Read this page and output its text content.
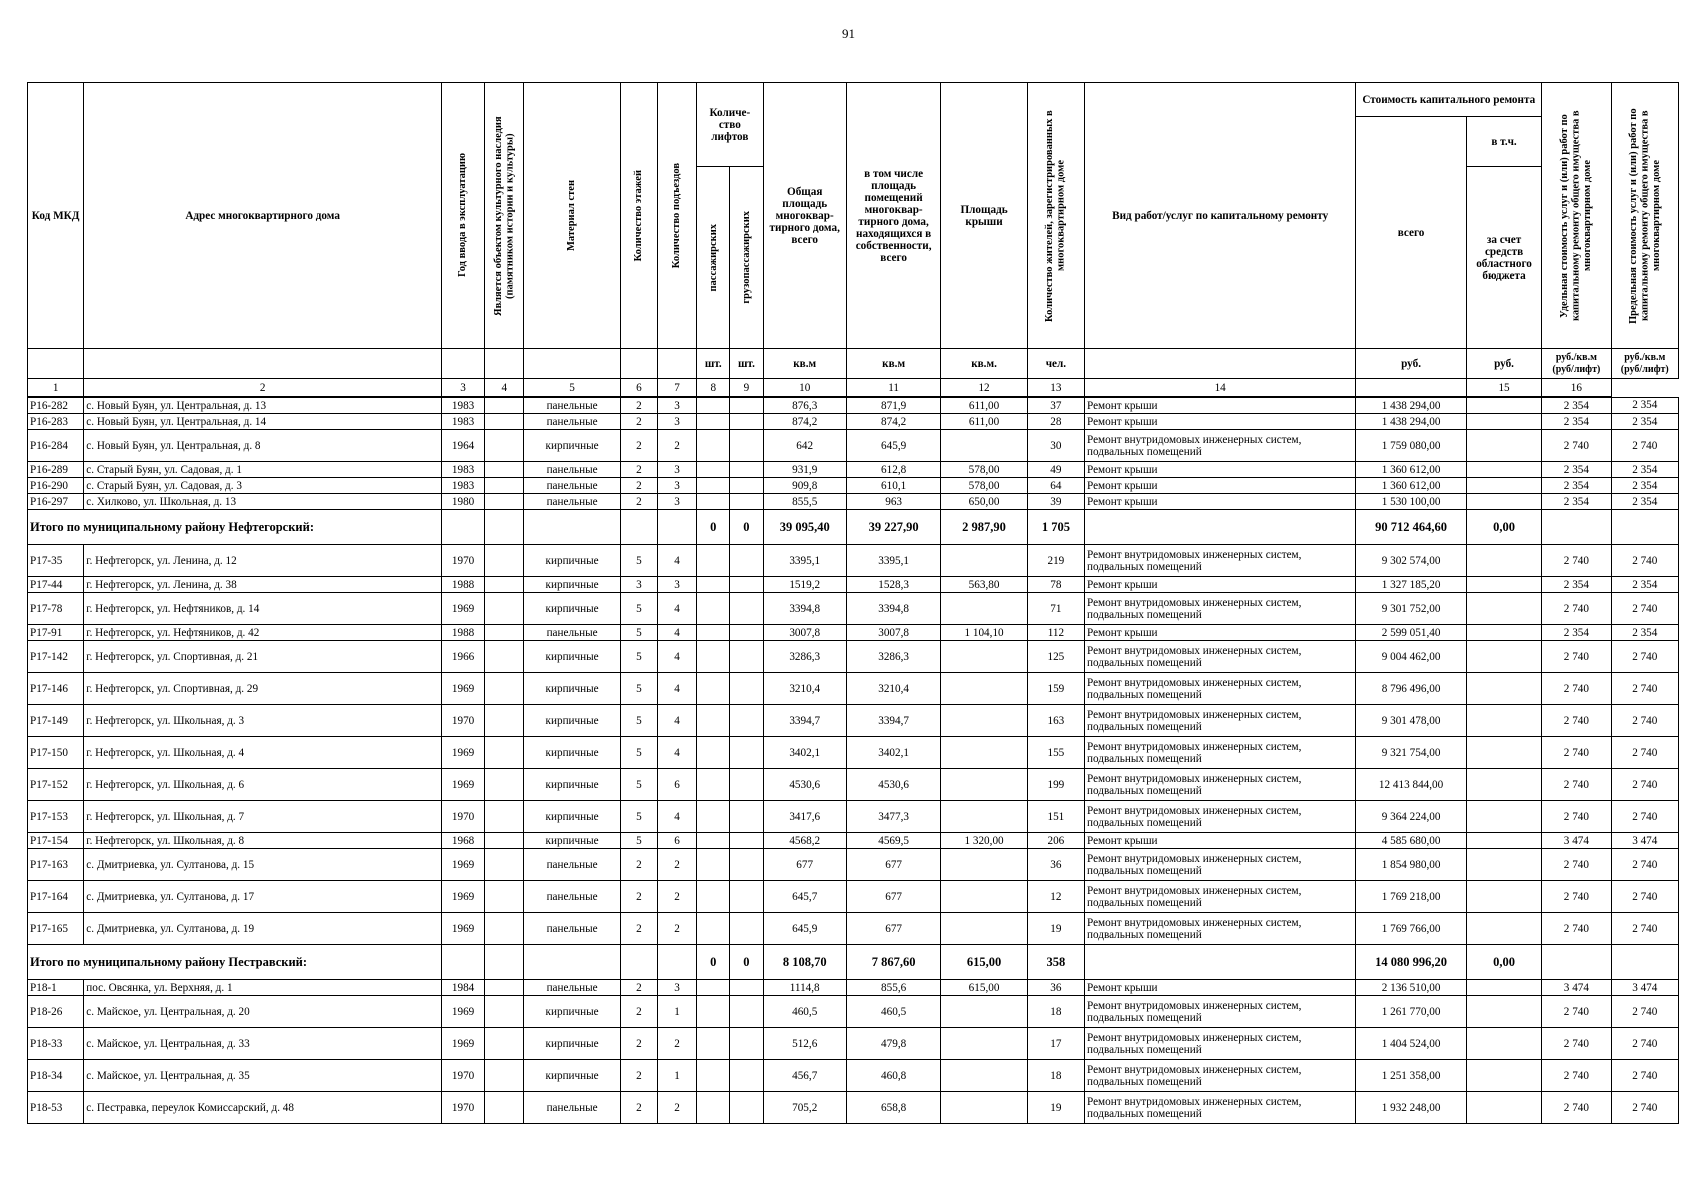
91
Код МКД	Адрес многоквартирного дома	Год ввода в эксплуатацию	Является объектом культурного наследия (памятником истории и культуры)	Материал стен	Количество этажей	Количество подъездов	Количе-ство лифтов		Общая площадь многоквар-тирного дома, всего	в том числе площадь помещений многоквар-тирного дома, находящихся в собственности, всего	Площадь крыши	Количество жителей, зарегистрированных в многоквартирном доме	Вид работ/услуг по капитальному ремонту	Стоимость капитального ремонта		Удельная стоимость услуг и (или) работ по капитальному ремонту общего имущества в многоквартирном доме	Предельная стоимость услуг и (или) работ по капитальному ремонту общего имущества в многоквартирном доме

														всего	в т.ч.		

							пассажирских	грузопассажирских							за счет средств областного бюджета		
							шт.	шт.	кв.м	кв.м	кв.м.	чел.		руб.	руб.	руб./кв.м (руб/лифт)	руб./кв.м (руб/лифт)
1	2	3	4	5	6	7	8	9	10	11	12	13	14		15	16	
Р16-282	с. Новый Буян, ул. Центральная, д. 13	1983		панельные	2	3			876,3	871,9	611,00	37	Ремонт крыши	1 438 294,00		2 354	2 354
Р16-283	с. Новый Буян, ул. Центральная, д. 14	1983		панельные	2	3			874,2	874,2	611,00	28	Ремонт крыши	1 438 294,00		2 354	2 354
Р16-284	с. Новый Буян, ул. Центральная, д. 8	1964		кирпичные	2	2			642	645,9		30	Ремонт внутридомовых инженерных систем, подвальных помещений	1 759 080,00		2 740	2 740
Р16-289	с. Старый Буян, ул. Садовая, д. 1	1983		панельные	2	3			931,9	612,8	578,00	49	Ремонт крыши	1 360 612,00		2 354	2 354
Р16-290	с. Старый Буян, ул. Садовая, д. 3	1983		панельные	2	3			909,8	610,1	578,00	64	Ремонт крыши	1 360 612,00		2 354	2 354
Р16-297	с. Хилково, ул. Школьная, д. 13	1980		панельные	2	3			855,5	963	650,00	39	Ремонт крыши	1 530 100,00		2 354	2 354
Итого по муниципальному району Нефтегорский:							0	0	39 095,40	39 227,90	2 987,90	1 705		90 712 464,60	0,00		
Р17-35	г. Нефтегорск, ул. Ленина, д. 12	1970		кирпичные	5	4			3395,1	3395,1		219	Ремонт внутридомовых инженерных систем, подвальных помещений	9 302 574,00		2 740	2 740
Р17-44	г. Нефтегорск, ул. Ленина, д. 38	1988		кирпичные	3	3			1519,2	1528,3	563,80	78	Ремонт крыши	1 327 185,20		2 354	2 354
Р17-78	г. Нефтегорск, ул. Нефтяников, д. 14	1969		кирпичные	5	4			3394,8	3394,8		71	Ремонт внутридомовых инженерных систем, подвальных помещений	9 301 752,00		2 740	2 740
Р17-91	г. Нефтегорск, ул. Нефтяников, д. 42	1988		панельные	5	4			3007,8	3007,8	1 104,10	112	Ремонт крыши	2 599 051,40		2 354	2 354
Р17-142	г. Нефтегорск, ул. Спортивная, д. 21	1966		кирпичные	5	4			3286,3	3286,3		125	Ремонт внутридомовых инженерных систем, подвальных помещений	9 004 462,00		2 740	2 740
Р17-146	г. Нефтегорск, ул. Спортивная, д. 29	1969		кирпичные	5	4			3210,4	3210,4		159	Ремонт внутридомовых инженерных систем, подвальных помещений	8 796 496,00		2 740	2 740
Р17-149	г. Нефтегорск, ул. Школьная, д. 3	1970		кирпичные	5	4			3394,7	3394,7		163	Ремонт внутридомовых инженерных систем, подвальных помещений	9 301 478,00		2 740	2 740
Р17-150	г. Нефтегорск, ул. Школьная, д. 4	1969		кирпичные	5	4			3402,1	3402,1		155	Ремонт внутридомовых инженерных систем, подвальных помещений	9 321 754,00		2 740	2 740
Р17-152	г. Нефтегорск, ул. Школьная, д. 6	1969		кирпичные	5	6			4530,6	4530,6		199	Ремонт внутридомовых инженерных систем, подвальных помещений	12 413 844,00		2 740	2 740
Р17-153	г. Нефтегорск, ул. Школьная, д. 7	1970		кирпичные	5	4			3417,6	3477,3		151	Ремонт внутридомовых инженерных систем, подвальных помещений	9 364 224,00		2 740	2 740
Р17-154	г. Нефтегорск, ул. Школьная, д. 8	1968		кирпичные	5	6			4568,2	4569,5	1 320,00	206	Ремонт крыши	4 585 680,00		3 474	3 474
Р17-163	с. Дмитриевка, ул. Султанова, д. 15	1969		панельные	2	2			677	677		36	Ремонт внутридомовых инженерных систем, подвальных помещений	1 854 980,00		2 740	2 740
Р17-164	с. Дмитриевка, ул. Султанова, д. 17	1969		панельные	2	2			645,7	677		12	Ремонт внутридомовых инженерных систем, подвальных помещений	1 769 218,00		2 740	2 740
Р17-165	с. Дмитриевка, ул. Султанова, д. 19	1969		панельные	2	2			645,9	677		19	Ремонт внутридомовых инженерных систем, подвальных помещений	1 769 766,00		2 740	2 740
Итого по муниципальному району Пестравский:							0	0	8 108,70	7 867,60	615,00	358		14 080 996,20	0,00		
Р18-1	пос. Овсянка, ул. Верхняя, д. 1	1984		панельные	2	3			1114,8	855,6	615,00	36	Ремонт крыши	2 136 510,00		3 474	3 474
Р18-26	с. Майское, ул. Центральная, д. 20	1969		кирпичные	2	1			460,5	460,5		18	Ремонт внутридомовых инженерных систем, подвальных помещений	1 261 770,00		2 740	2 740
Р18-33	с. Майское, ул. Центральная, д. 33	1969		кирпичные	2	2			512,6	479,8		17	Ремонт внутридомовых инженерных систем, подвальных помещений	1 404 524,00		2 740	2 740
Р18-34	с. Майское, ул. Центральная, д. 35	1970		кирпичные	2	1			456,7	460,8		18	Ремонт внутридомовых инженерных систем, подвальных помещений	1 251 358,00		2 740	2 740
Р18-53	с. Пестравка, переулок Комиссарский, д. 48	1970		панельные	2	2			705,2	658,8		19	Ремонт внутридомовых инженерных систем, подвальных помещений	1 932 248,00		2 740	2 740
